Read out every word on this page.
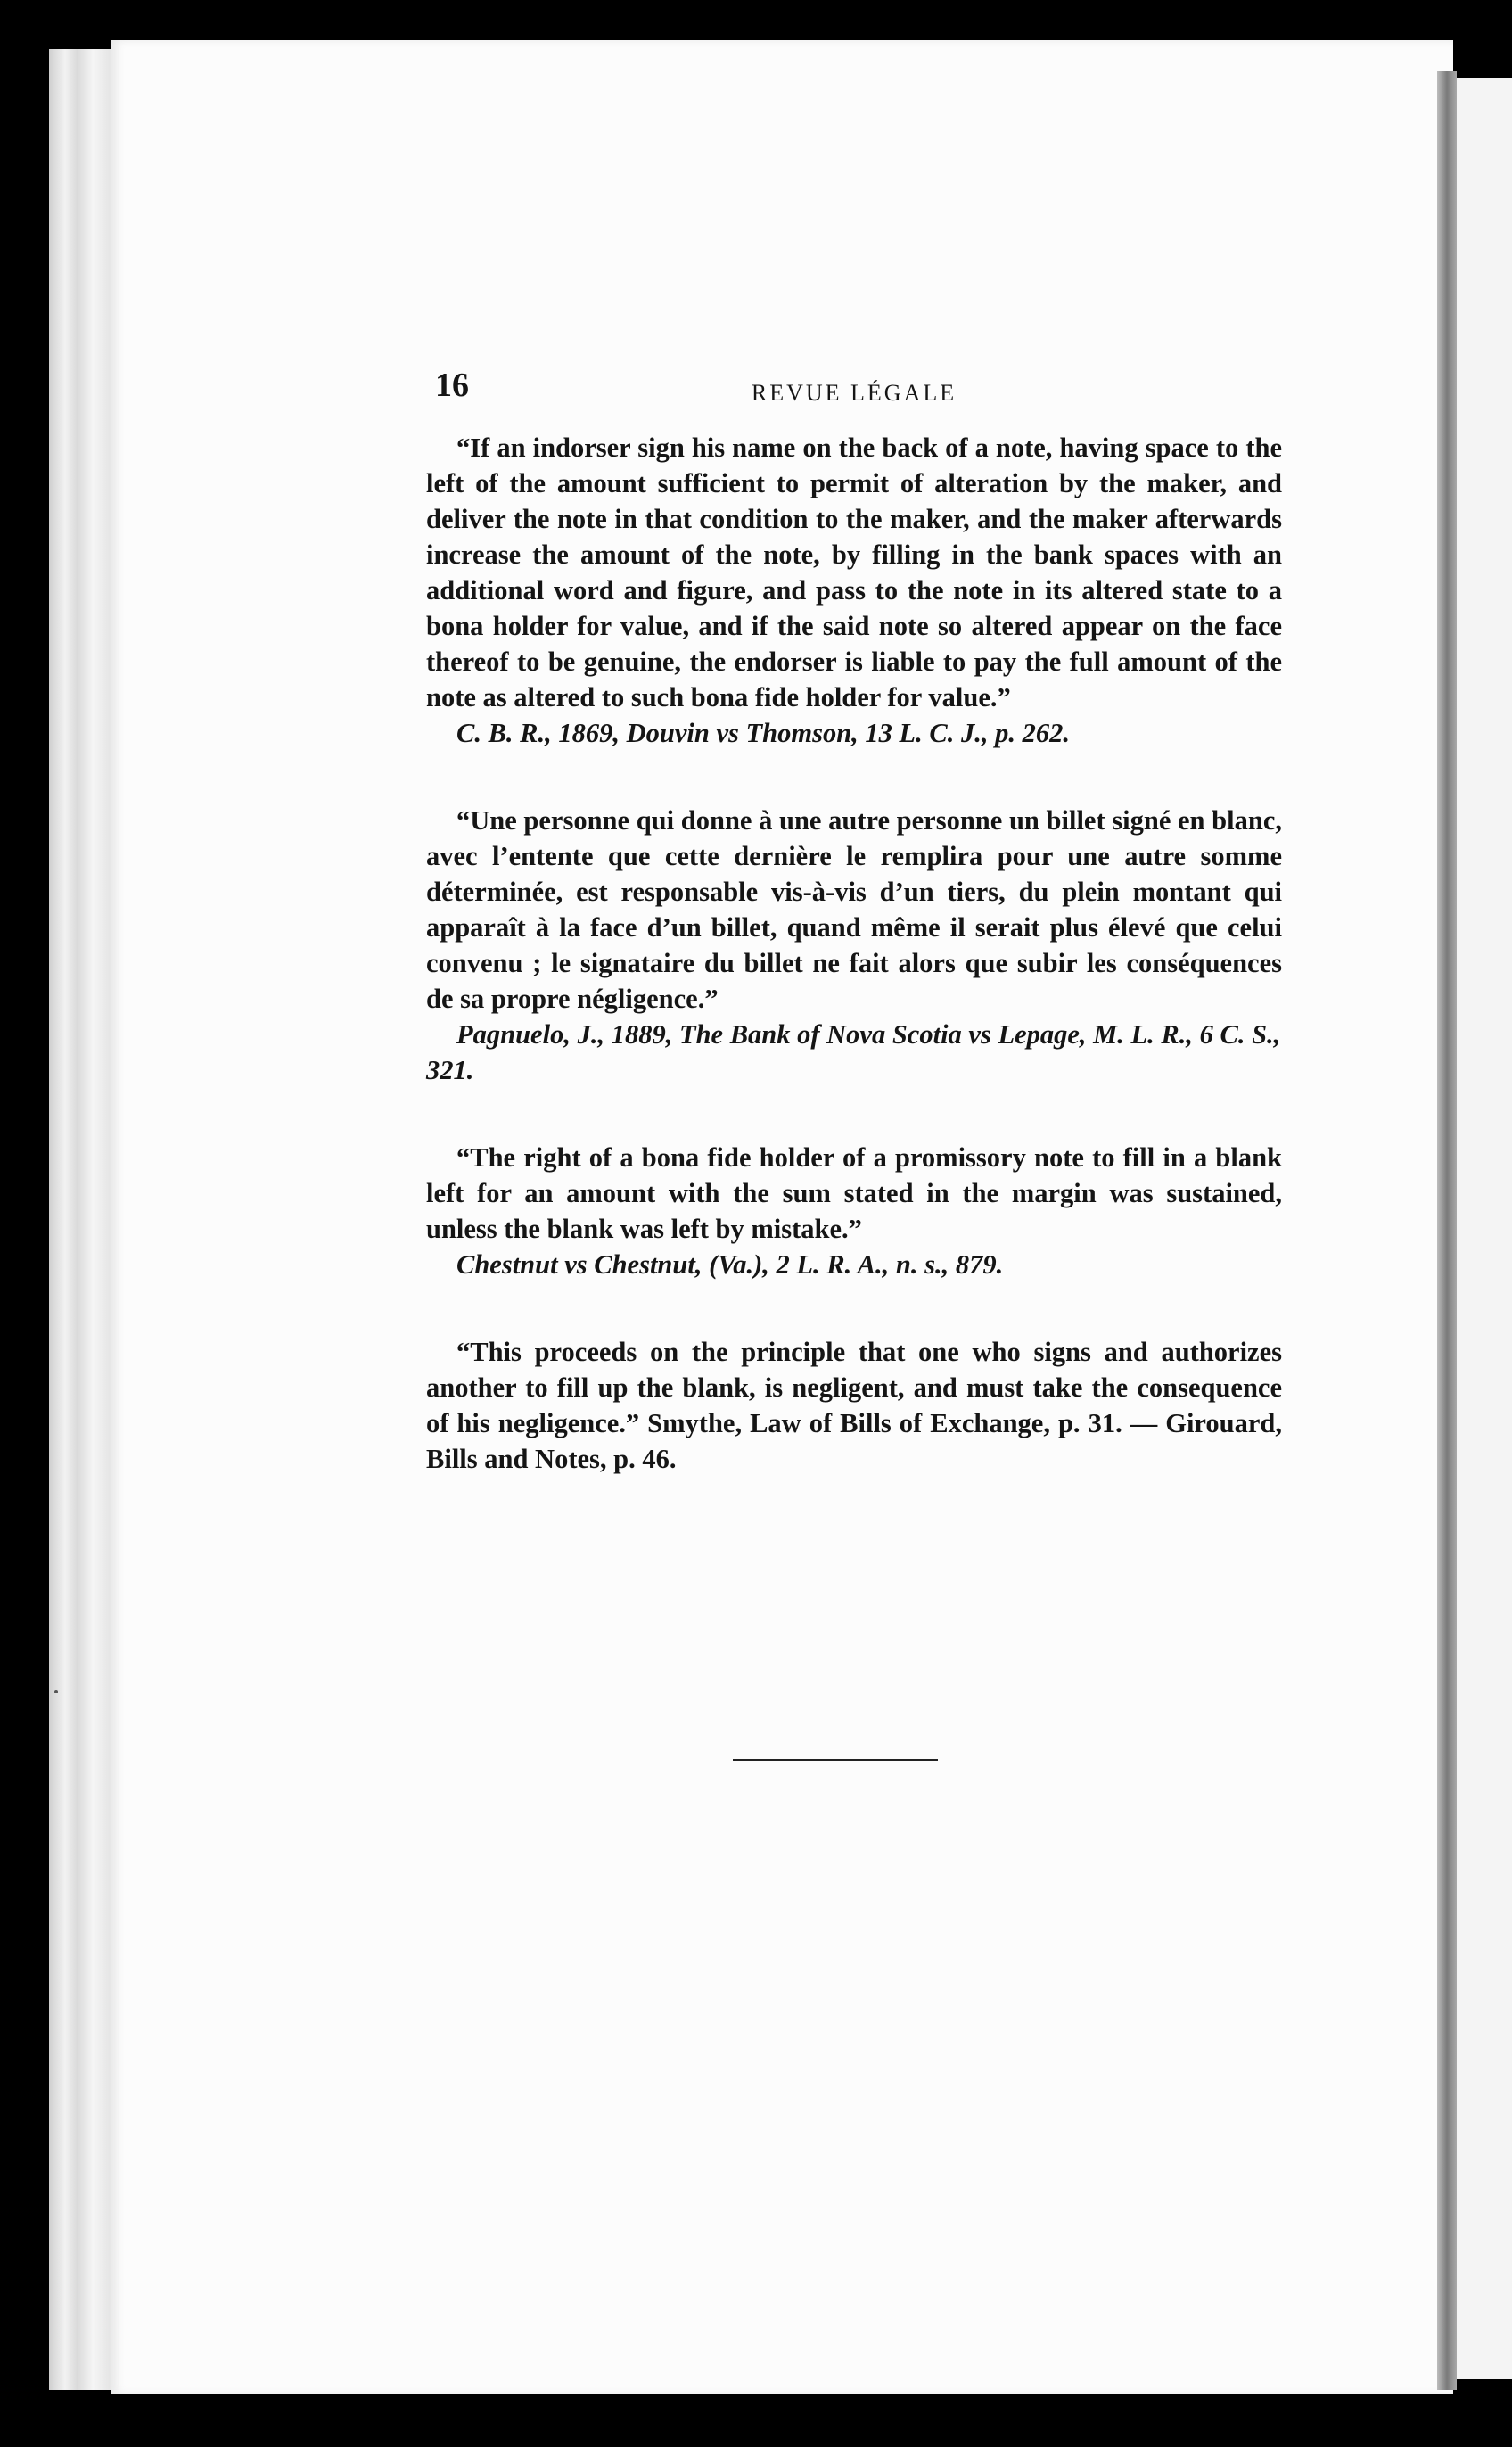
16	REVUE LÉGALE

“If an indorser sign his name on the back of a note, having space to the left of the amount sufficient to permit of alteration by the maker, and deliver the note in that condition to the maker, and the maker afterwards increase the amount of the note, by filling in the bank spaces with an additional word and figure, and pass to the note in its altered state to a bona holder for value, and if the said note so altered appear on the face thereof to be genuine, the endorser is liable to pay the full amount of the note as altered to such bona fide holder for value.”

C. B. R., 1869, Douvin vs Thomson, 13 L. C. J., p. 262.

“Une personne qui donne à une autre personne un billet signé en blanc, avec l’entente que cette dernière le remplira pour une autre somme déterminée, est responsable vis-à-vis d’un tiers, du plein montant qui apparaît à la face d’un billet, quand même il serait plus élevé que celui convenu ; le signataire du billet ne fait alors que subir les conséquences de sa propre négligence.”

Pagnuelo, J., 1889, The Bank of Nova Scotia vs Lepage, M. L. R., 6 C. S., 321.

“The right of a bona fide holder of a promissory note to fill in a blank left for an amount with the sum stated in the margin was sustained, unless the blank was left by mistake.”

Chestnut vs Chestnut, (Va.), 2 L. R. A., n. s., 879.

“This proceeds on the principle that one who signs and authorizes another to fill up the blank, is negligent, and must take the consequence of his negligence.” Smythe, Law of Bills of Exchange, p. 31. — Girouard, Bills and Notes, p. 46.
